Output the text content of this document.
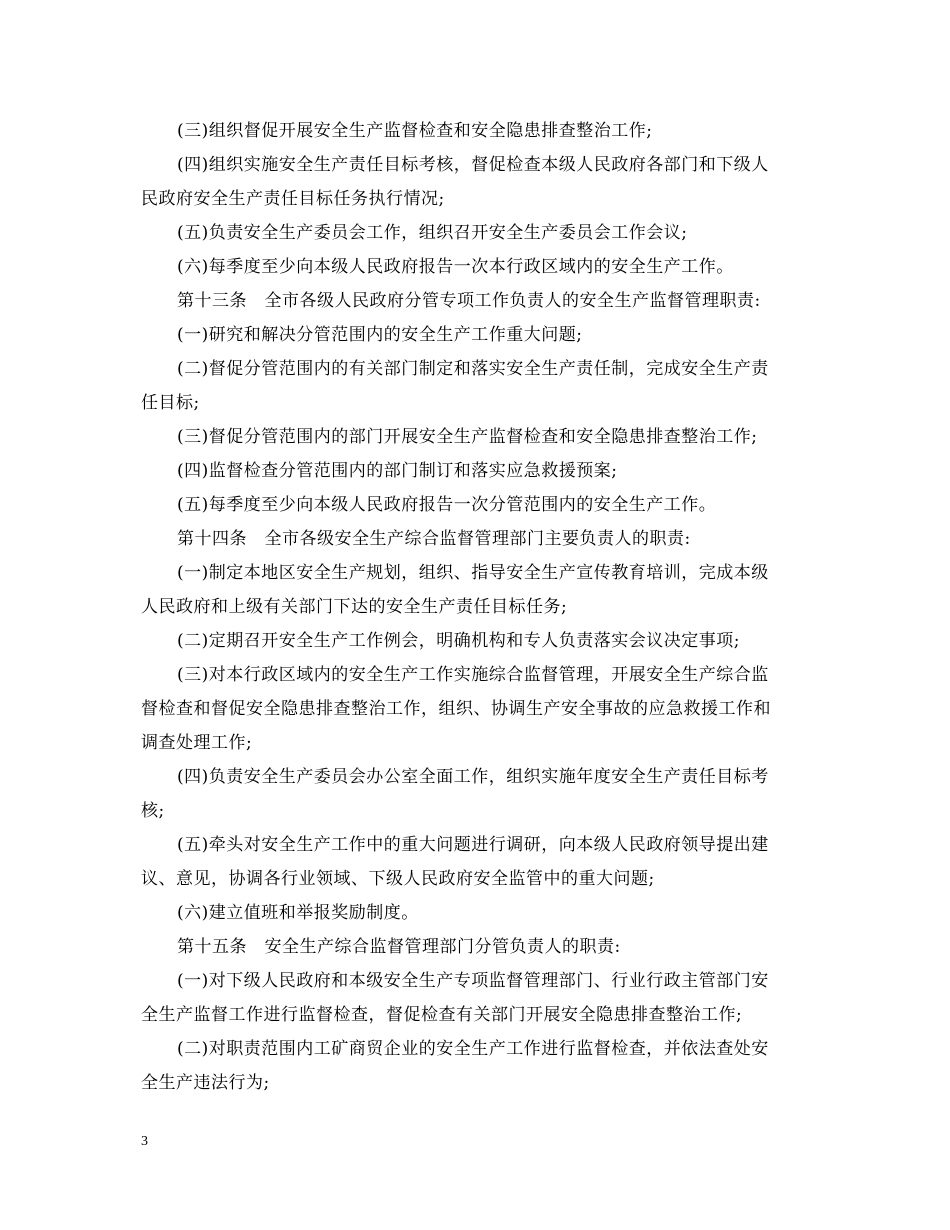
(三)组织督促开展安全生产监督检查和安全隐患排查整治工作;
(四)组织实施安全生产责任目标考核，督促检查本级人民政府各部门和下级人
民政府安全生产责任目标任务执行情况;
(五)负责安全生产委员会工作，组织召开安全生产委员会工作会议;
(六)每季度至少向本级人民政府报告一次本行政区域内的安全生产工作。
第十三条　全市各级人民政府分管专项工作负责人的安全生产监督管理职责:
(一)研究和解决分管范围内的安全生产工作重大问题;
(二)督促分管范围内的有关部门制定和落实安全生产责任制，完成安全生产责
任目标;
(三)督促分管范围内的部门开展安全生产监督检查和安全隐患排查整治工作;
(四)监督检查分管范围内的部门制订和落实应急救援预案;
(五)每季度至少向本级人民政府报告一次分管范围内的安全生产工作。
第十四条　全市各级安全生产综合监督管理部门主要负责人的职责:
(一)制定本地区安全生产规划，组织、指导安全生产宣传教育培训，完成本级
人民政府和上级有关部门下达的安全生产责任目标任务;
(二)定期召开安全生产工作例会，明确机构和专人负责落实会议决定事项;
(三)对本行政区域内的安全生产工作实施综合监督管理，开展安全生产综合监
督检查和督促安全隐患排查整治工作，组织、协调生产安全事故的应急救援工作和
调查处理工作;
(四)负责安全生产委员会办公室全面工作，组织实施年度安全生产责任目标考
核;
(五)牵头对安全生产工作中的重大问题进行调研，向本级人民政府领导提出建
议、意见，协调各行业领域、下级人民政府安全监管中的重大问题;
(六)建立值班和举报奖励制度。
第十五条　安全生产综合监督管理部门分管负责人的职责:
(一)对下级人民政府和本级安全生产专项监督管理部门、行业行政主管部门安
全生产监督工作进行监督检查，督促检查有关部门开展安全隐患排查整治工作;
(二)对职责范围内工矿商贸企业的安全生产工作进行监督检查，并依法查处安
全生产违法行为;
3
